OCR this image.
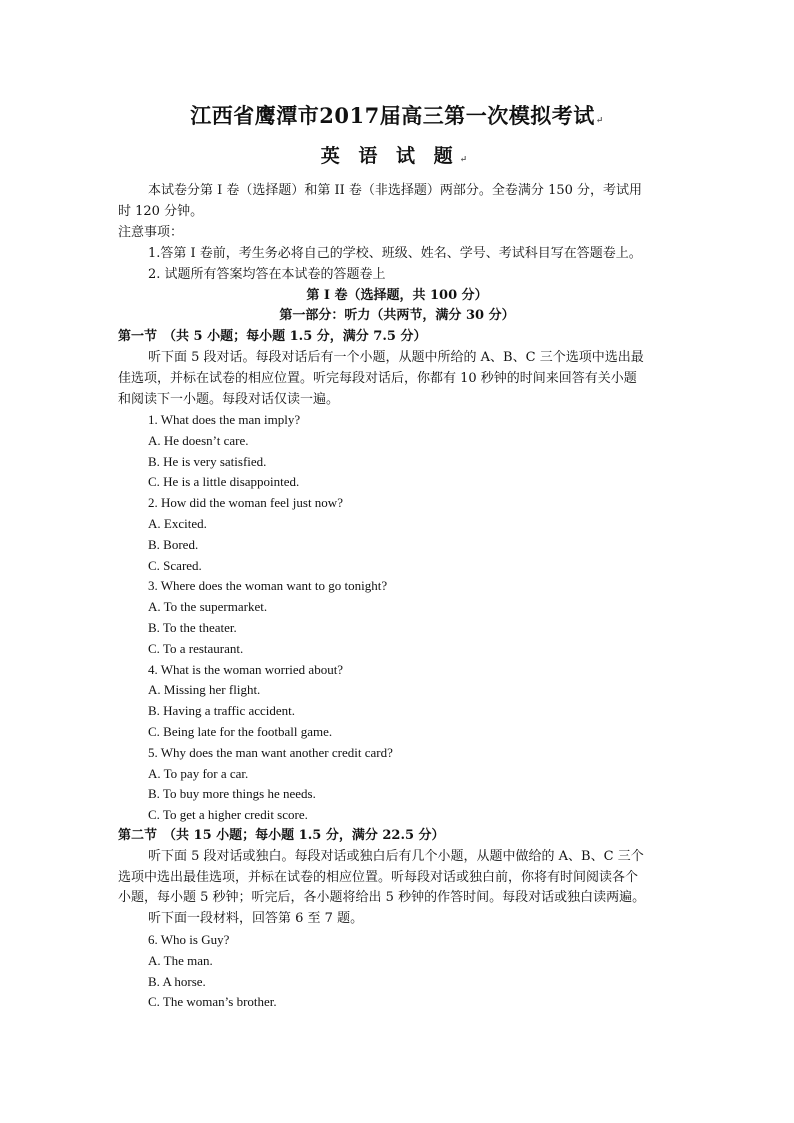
江西省鹰潭市2017届高三第一次模拟考试↵
英 语 试 题↵
本试卷分第 I 卷（选择题）和第 II 卷（非选择题）两部分。全卷满分 150 分，考试用
时 120 分钟。
注意事项：
1.答第 I 卷前，考生务必将自己的学校、班级、姓名、学号、考试科目写在答题卷上。
2. 试题所有答案均答在本试卷的答题卷上
第 I 卷（选择题，共 100 分）
第一部分：听力（共两节，满分 30 分）
第一节 （共 5 小题；每小题 1.5 分，满分 7.5 分）
听下面 5 段对话。每段对话后有一个小题，从题中所给的 A、B、C 三个选项中选出最
佳选项，并标在试卷的相应位置。听完每段对话后，你都有 10 秒钟的时间来回答有关小题
和阅读下一小题。每段对话仅读一遍。
1. What does the man imply?
A. He doesn’t care.
B. He is very satisfied.
C. He is a little disappointed.
2. How did the woman feel just now?
A. Excited.
B. Bored.
C. Scared.
3. Where does the woman want to go tonight?
A. To the supermarket.
B. To the theater.
C. To a restaurant.
4. What is the woman worried about?
A. Missing her flight.
B. Having a traffic accident.
C. Being late for the football game.
5. Why does the man want another credit card?
A. To pay for a car.
B. To buy more things he needs.
C. To get a higher credit score.
第二节 （共 15 小题；每小题 1.5 分，满分 22.5 分）
听下面 5 段对话或独白。每段对话或独白后有几个小题，从题中做给的 A、B、C 三个
选项中选出最佳选项，并标在试卷的相应位置。听每段对话或独白前，你将有时间阅读各个
小题，每小题 5 秒钟；听完后，各小题将给出 5 秒钟的作答时间。每段对话或独白读两遍。
听下面一段材料，回答第 6 至 7 题。
6. Who is Guy?
A. The man.
B. A horse.
C. The woman’s brother.
